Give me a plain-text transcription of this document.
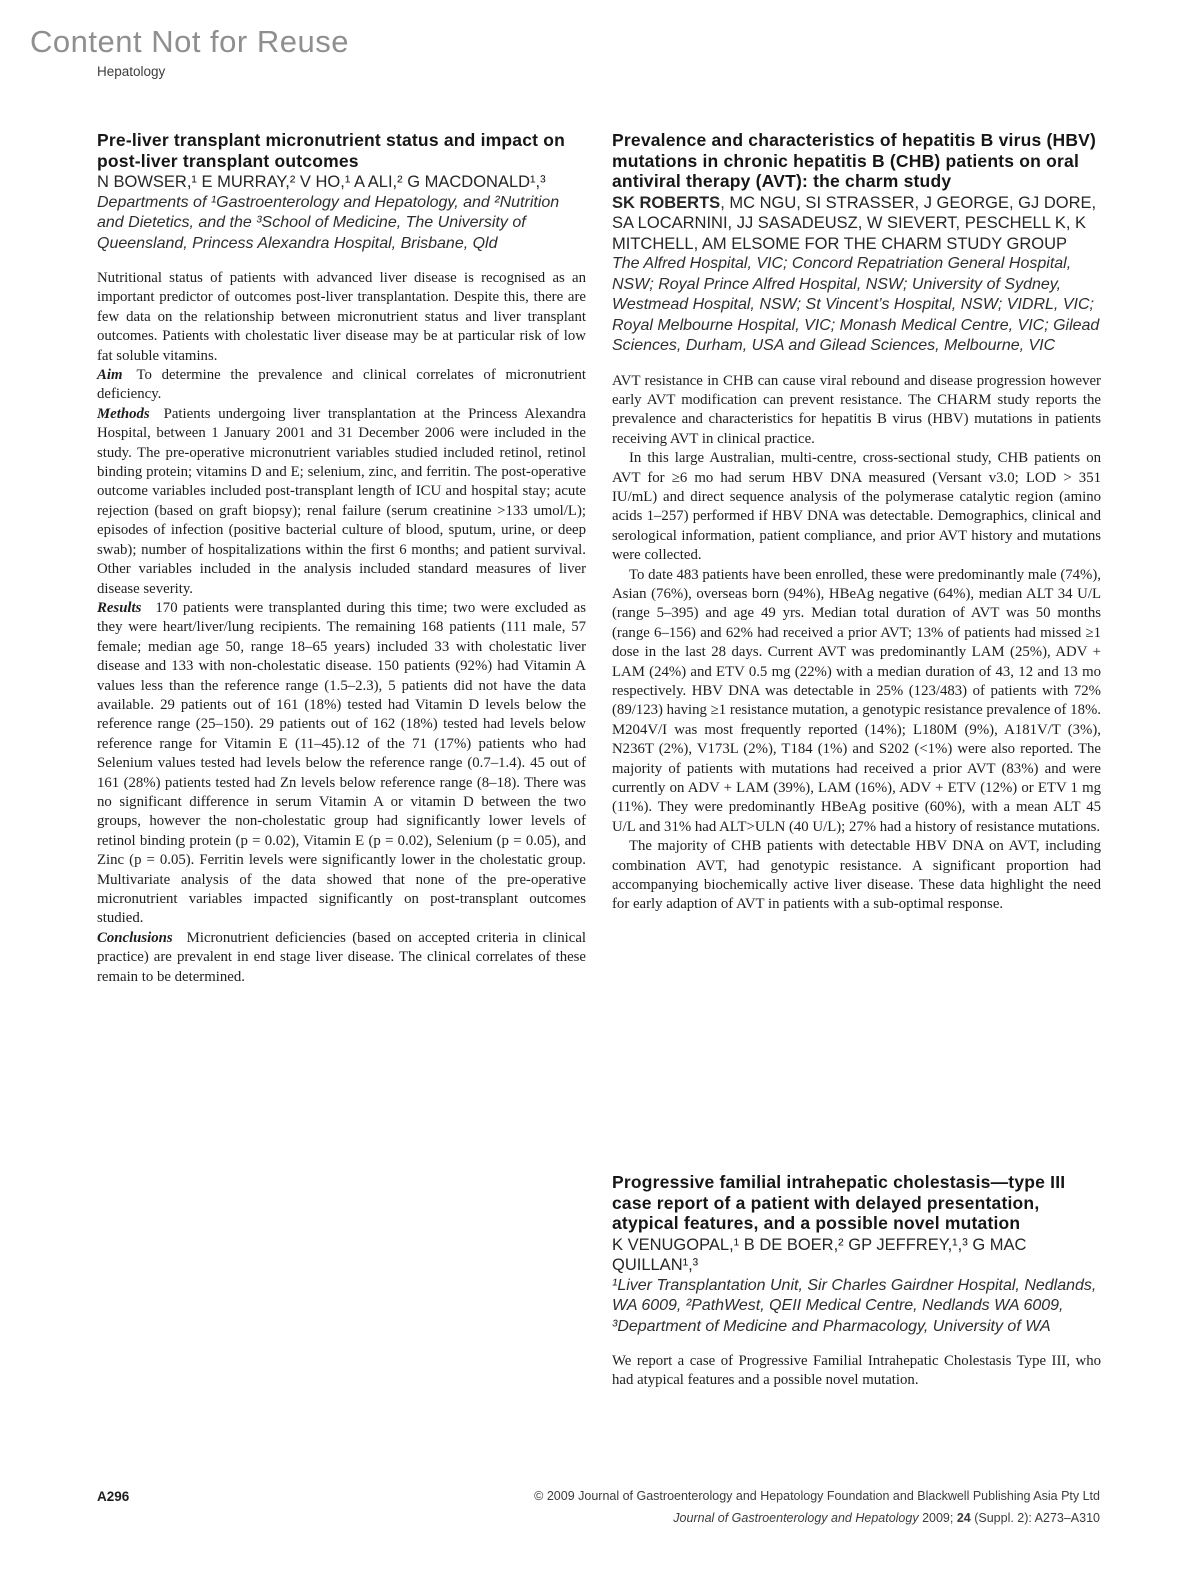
Content Not for Reuse
Hepatology
Pre-liver transplant micronutrient status and impact on post-liver transplant outcomes
N BOWSER,¹ E MURRAY,² V HO,¹ A ALI,² G MACDONALD¹,³
Departments of ¹Gastroenterology and Hepatology, and ²Nutrition and Dietetics, and the ³School of Medicine, The University of Queensland, Princess Alexandra Hospital, Brisbane, Qld

Nutritional status of patients with advanced liver disease is recognised as an important predictor of outcomes post-liver transplantation. Despite this, there are few data on the relationship between micronutrient status and liver transplant outcomes. Patients with cholestatic liver disease may be at particular risk of low fat soluble vitamins.

Aim To determine the prevalence and clinical correlates of micronutrient deficiency.

Methods Patients undergoing liver transplantation at the Princess Alexandra Hospital, between 1 January 2001 and 31 December 2006 were included in the study. The pre-operative micronutrient variables studied included retinol, retinol binding protein; vitamins D and E; selenium, zinc, and ferritin. The post-operative outcome variables included post-transplant length of ICU and hospital stay; acute rejection (based on graft biopsy); renal failure (serum creatinine >133 umol/L); episodes of infection (positive bacterial culture of blood, sputum, urine, or deep swab); number of hospitalizations within the first 6 months; and patient survival. Other variables included in the analysis included standard measures of liver disease severity.

Results 170 patients were transplanted during this time; two were excluded as they were heart/liver/lung recipients. The remaining 168 patients (111 male, 57 female; median age 50, range 18–65 years) included 33 with cholestatic liver disease and 133 with non-cholestatic disease. 150 patients (92%) had Vitamin A values less than the reference range (1.5–2.3), 5 patients did not have the data available. 29 patients out of 161 (18%) tested had Vitamin D levels below the reference range (25–150). 29 patients out of 162 (18%) tested had levels below reference range for Vitamin E (11–45).12 of the 71 (17%) patients who had Selenium values tested had levels below the reference range (0.7–1.4). 45 out of 161 (28%) patients tested had Zn levels below reference range (8–18). There was no significant difference in serum Vitamin A or vitamin D between the two groups, however the non-cholestatic group had significantly lower levels of retinol binding protein (p = 0.02), Vitamin E (p = 0.02), Selenium (p = 0.05), and Zinc (p = 0.05). Ferritin levels were significantly lower in the cholestatic group. Multivariate analysis of the data showed that none of the pre-operative micronutrient variables impacted significantly on post-transplant outcomes studied.

Conclusions Micronutrient deficiencies (based on accepted criteria in clinical practice) are prevalent in end stage liver disease. The clinical correlates of these remain to be determined.

Prevalence and characteristics of hepatitis B virus (HBV) mutations in chronic hepatitis B (CHB) patients on oral antiviral therapy (AVT): the charm study
SK ROBERTS, MC NGU, SI STRASSER, J GEORGE, GJ DORE, SA LOCARNINI, JJ SASADEUSZ, W SIEVERT, PESCHELL K, K MITCHELL, AM ELSOME FOR THE CHARM STUDY GROUP
The Alfred Hospital, VIC; Concord Repatriation General Hospital, NSW; Royal Prince Alfred Hospital, NSW; University of Sydney, Westmead Hospital, NSW; St Vincent’s Hospital, NSW; VIDRL, VIC; Royal Melbourne Hospital, VIC; Monash Medical Centre, VIC; Gilead Sciences, Durham, USA and Gilead Sciences, Melbourne, VIC

AVT resistance in CHB can cause viral rebound and disease progression however early AVT modification can prevent resistance. The CHARM study reports the prevalence and characteristics for hepatitis B virus (HBV) mutations in patients receiving AVT in clinical practice.

In this large Australian, multi-centre, cross-sectional study, CHB patients on AVT for ≥6 mo had serum HBV DNA measured (Versant v3.0; LOD > 351 IU/mL) and direct sequence analysis of the polymerase catalytic region (amino acids 1–257) performed if HBV DNA was detectable. Demographics, clinical and serological information, patient compliance, and prior AVT history and mutations were collected.

To date 483 patients have been enrolled, these were predominantly male (74%), Asian (76%), overseas born (94%), HBeAg negative (64%), median ALT 34 U/L (range 5–395) and age 49 yrs. Median total duration of AVT was 50 months (range 6–156) and 62% had received a prior AVT; 13% of patients had missed ≥1 dose in the last 28 days. Current AVT was predominantly LAM (25%), ADV + LAM (24%) and ETV 0.5 mg (22%) with a median duration of 43, 12 and 13 mo respectively. HBV DNA was detectable in 25% (123/483) of patients with 72% (89/123) having ≥1 resistance mutation, a genotypic resistance prevalence of 18%. M204V/I was most frequently reported (14%); L180M (9%), A181V/T (3%), N236T (2%), V173L (2%), T184 (1%) and S202 (<1%) were also reported. The majority of patients with mutations had received a prior AVT (83%) and were currently on ADV + LAM (39%), LAM (16%), ADV + ETV (12%) or ETV 1 mg (11%). They were predominantly HBeAg positive (60%), with a mean ALT 45 U/L and 31% had ALT>ULN (40 U/L); 27% had a history of resistance mutations.

The majority of CHB patients with detectable HBV DNA on AVT, including combination AVT, had genotypic resistance. A significant proportion had accompanying biochemically active liver disease. These data highlight the need for early adaption of AVT in patients with a sub-optimal response.

Progressive familial intrahepatic cholestasis—type III case report of a patient with delayed presentation, atypical features, and a possible novel mutation
K VENUGOPAL,¹ B DE BOER,² GP JEFFREY,¹,³ G MAC QUILLAN¹,³
¹Liver Transplantation Unit, Sir Charles Gairdner Hospital, Nedlands, WA 6009, ²PathWest, QEII Medical Centre, Nedlands WA 6009, ³Department of Medicine and Pharmacology, University of WA

We report a case of Progressive Familial Intrahepatic Cholestasis Type III, who had atypical features and a possible novel mutation.

A296	© 2009 Journal of Gastroenterology and Hepatology Foundation and Blackwell Publishing Asia Pty Ltd
Journal of Gastroenterology and Hepatology 2009; 24 (Suppl. 2): A273–A310
